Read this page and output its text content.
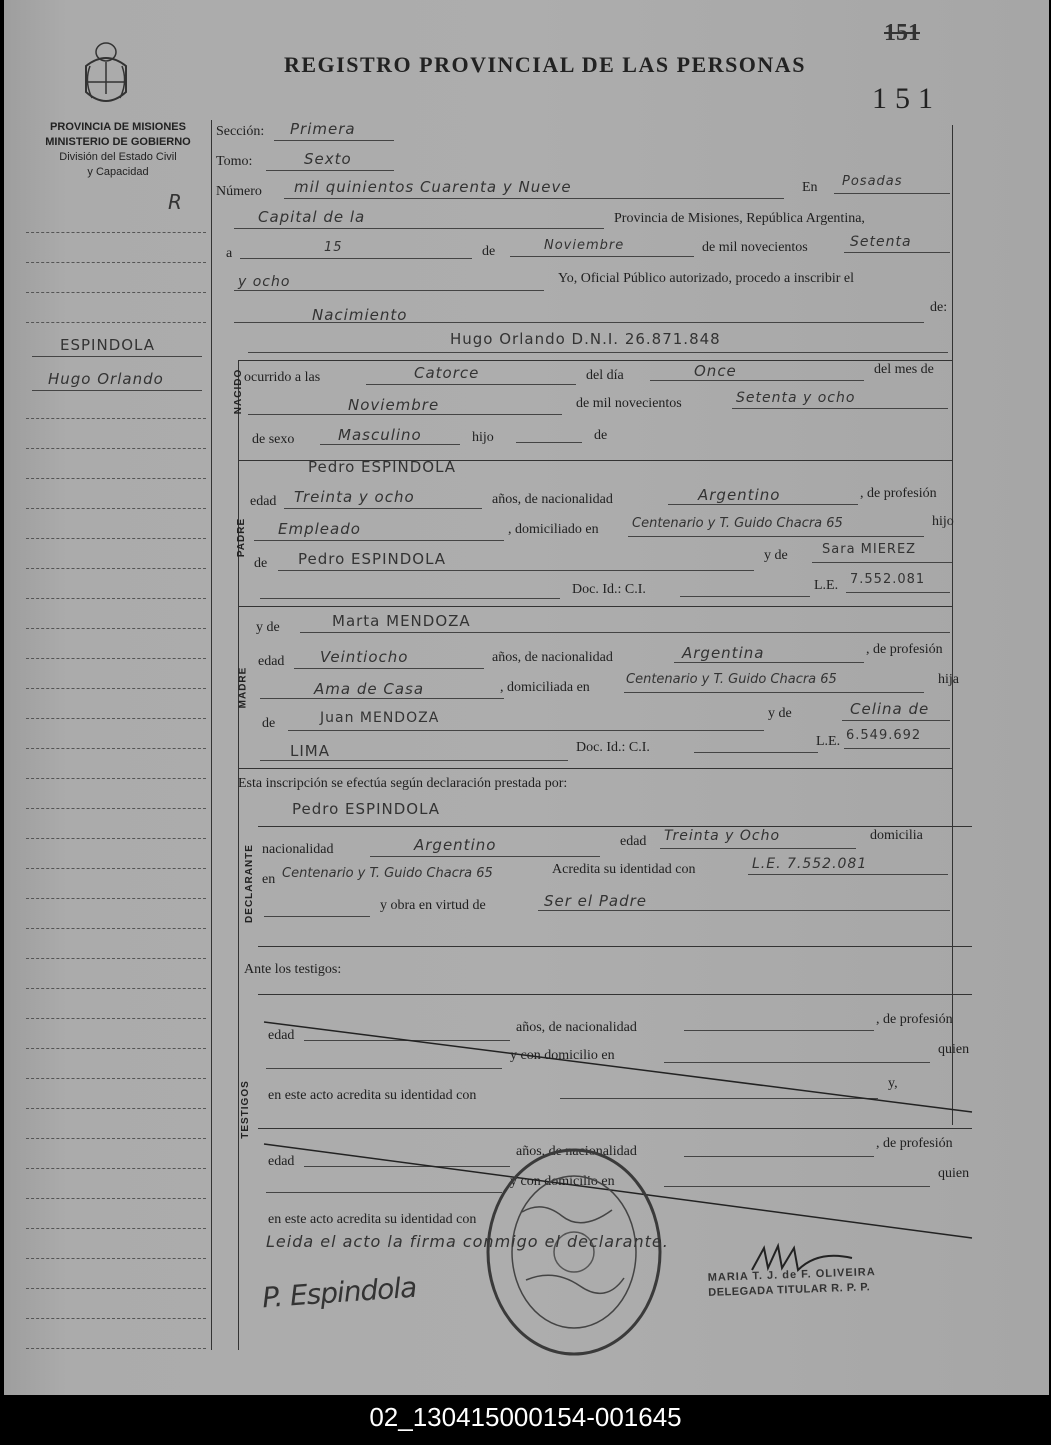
PROVINCIA DE MISIONES
MINISTERIO DE GOBIERNO
División del Estado Civil
y Capacidad
R
REGISTRO PROVINCIAL DE LAS PERSONAS
151
151
ESPINDOLA
Hugo Orlando	NACIDO
PADRE
MADRE
DECLARANTE
TESTIGOS
Sección: Primera
Tomo:	Sexto
Número mil quinientos Cuarenta y Nueve	En Posadas
Capital de la	Provincia de Misiones, República Argentina,
a	15	de	Noviembre	de mil novecientos	Setenta
y ocho	Yo, Oficial Público autorizado, procedo a inscribir el
Nacimiento	de:
Hugo Orlando D.N.I. 26.871.848
ocurrido a las	Catorce	del día	Once	del mes de
Noviembre	de mil novecientos	Setenta y ocho
de sexo	Masculino	hijo	de
Pedro ESPINDOLA
edad Treinta y ocho	años, de nacionalidad	Argentino	, de profesión
Empleado	, domiciliado en	Centenario y T. Guido Chacra 65	hijo
de Pedro ESPINDOLA	y de	Sara MIEREZ
Doc. Id.: C.I.	L.E. 7.552.081
y de	Marta MENDOZA
edad Veintiocho	años, de nacionalidad	Argentina	, de profesión
Ama de Casa	, domiciliada en
Centenario y T. Guido Chacra 65	hija
de	Juan MENDOZA	y de	Celina de
LIMA	Doc. Id.: C.I.	L.E. 6.549.692
Esta inscripción se efectúa según declaración prestada por:
Pedro ESPINDOLA
nacionalidad	Argentino	edad Treinta y Ocho	domicilia
en Centenario y T. Guido Chacra 65	Acredita su identidad con	L.E. 7.552.081
y obra en virtud de	Ser el Padre
Ante los testigos:
edad
años, de nacionalidad
, de profesión
y con domicilio en	quien
en este acto acredita su identidad con
y,
edad
años, de nacionalidad
, de profesión
y con domicilio en
quien
en este acto acredita su identidad con
Leida el acto la firma conmigo el declarante.
P. Espindola	MARIA T. J. de F. OLIVEIRA
DELEGADA TITULAR R. P. P.
02_130415000154-001645
